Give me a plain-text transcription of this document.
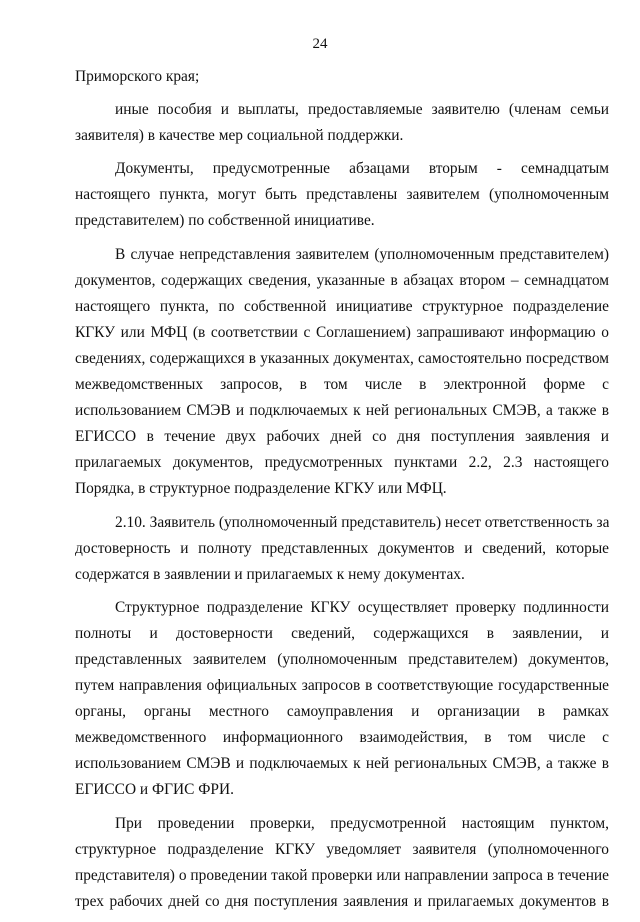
24
Приморского края;
иные пособия и выплаты, предоставляемые заявителю (членам семьи
заявителя) в качестве мер социальной поддержки.
Документы, предусмотренные абзацами вторым - семнадцатым
настоящего пункта, могут быть представлены заявителем (уполномоченным
представителем) по собственной инициативе.
В случае непредставления заявителем (уполномоченным представителем)
документов, содержащих сведения, указанные в абзацах втором – семнадцатом
настоящего пункта, по собственной инициативе структурное подразделение
КГКУ или МФЦ (в соответствии с Соглашением) запрашивают информацию о
сведениях, содержащихся в указанных документах, самостоятельно посредством
межведомственных запросов, в том числе в электронной форме с
использованием СМЭВ и подключаемых к ней региональных СМЭВ, а также в
ЕГИССО в течение двух рабочих дней со дня поступления заявления и
прилагаемых документов, предусмотренных пунктами 2.2, 2.3 настоящего
Порядка, в структурное подразделение КГКУ или МФЦ.
2.10. Заявитель (уполномоченный представитель) несет ответственность за
достоверность и полноту представленных документов и сведений, которые
содержатся в заявлении и прилагаемых к нему документах.
Структурное подразделение КГКУ осуществляет проверку подлинности
полноты и достоверности сведений, содержащихся в заявлении, и
представленных заявителем (уполномоченным представителем) документов,
путем направления официальных запросов в соответствующие государственные
органы, органы местного самоуправления и организации в рамках
межведомственного информационного взаимодействия, в том числе с
использованием СМЭВ и подключаемых к ней региональных СМЭВ, а также в
ЕГИССО и ФГИС ФРИ.
При проведении проверки, предусмотренной настоящим пунктом,
структурное подразделение КГКУ уведомляет заявителя (уполномоченного
представителя) о проведении такой проверки или направлении запроса в течение
трех рабочих дней со дня поступления заявления и прилагаемых документов в
